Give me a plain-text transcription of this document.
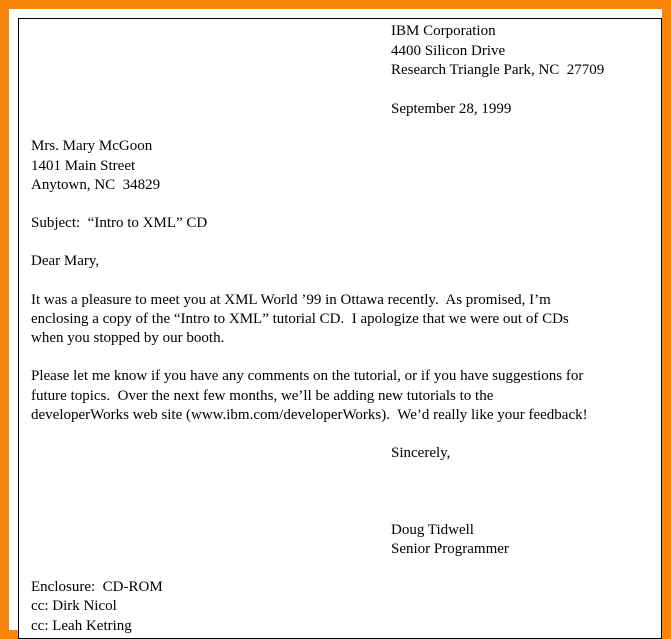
IBM Corporation

4400 Silicon Drive

Research Triangle Park, NC  27709

September 28, 1999

Mrs. Mary McGoon

1401 Main Street

Anytown, NC  34829

Subject:  “Intro to XML” CD

Dear Mary,

It was a pleasure to meet you at XML World ’99 in Ottawa recently.  As promised, I’m

enclosing a copy of the “Intro to XML” tutorial CD.  I apologize that we were out of CDs

when you stopped by our booth.

Please let me know if you have any comments on the tutorial, or if you have suggestions for

future topics.  Over the next few months, we’ll be adding new tutorials to the

developerWorks web site (www.ibm.com/developerWorks).  We’d really like your feedback!

Sincerely,

Doug Tidwell

Senior Programmer

Enclosure:  CD-ROM

cc: Dirk Nicol

cc: Leah Ketring
